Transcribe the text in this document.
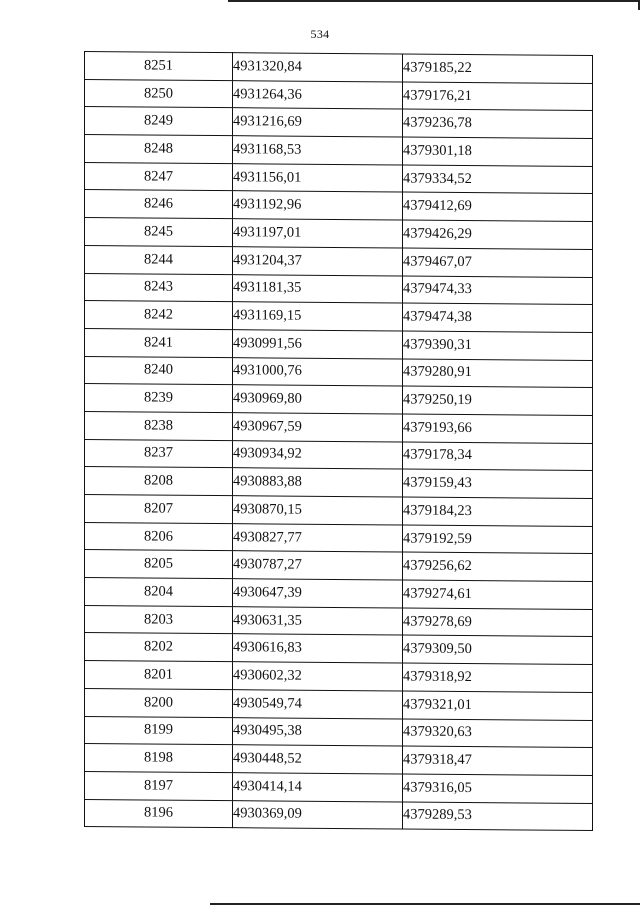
534
8251	4931320,84	4379185,22
8250	4931264,36	4379176,21
8249	4931216,69	4379236,78
8248	4931168,53	4379301,18
8247	4931156,01	4379334,52
8246	4931192,96	4379412,69
8245	4931197,01	4379426,29
8244	4931204,37	4379467,07
8243	4931181,35	4379474,33
8242	4931169,15	4379474,38
8241	4930991,56	4379390,31
8240	4931000,76	4379280,91
8239	4930969,80	4379250,19
8238	4930967,59	4379193,66
8237	4930934,92	4379178,34
8208	4930883,88	4379159,43
8207	4930870,15	4379184,23
8206	4930827,77	4379192,59
8205	4930787,27	4379256,62
8204	4930647,39	4379274,61
8203	4930631,35	4379278,69
8202	4930616,83	4379309,50
8201	4930602,32	4379318,92
8200	4930549,74	4379321,01
8199	4930495,38	4379320,63
8198	4930448,52	4379318,47
8197	4930414,14	4379316,05
8196	4930369,09	4379289,53
